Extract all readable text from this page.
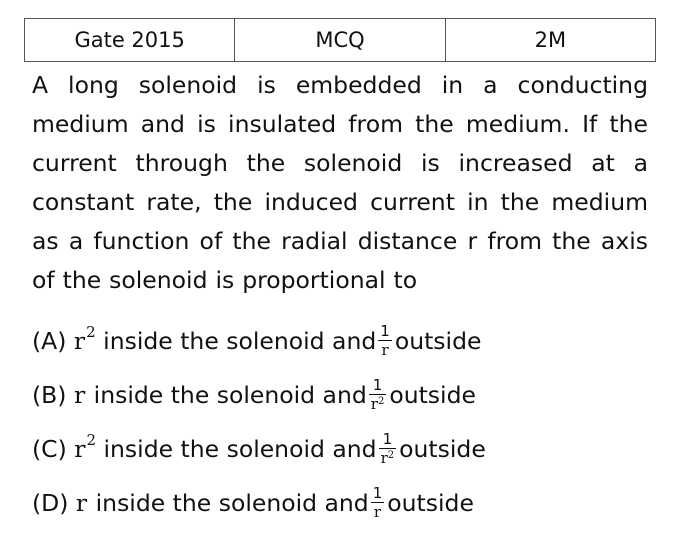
Gate 2015	MCQ	2M

A long solenoid is embedded in a conducting medium and is insulated from the medium. If the current through the solenoid is increased at a constant rate, the induced current in the medium as a function of the radial distance r from the axis of the solenoid is proportional to

(A)
r 2
inside the solenoid and $\frac{1}{r}$ outside
(B)
r
inside the solenoid and $\frac{1}{r^2}$ outside
(C)
r 2
inside the solenoid and $\frac{1}{r^2}$ outside
(D)
r
inside the solenoid and $\frac{1}{r}$ outside
